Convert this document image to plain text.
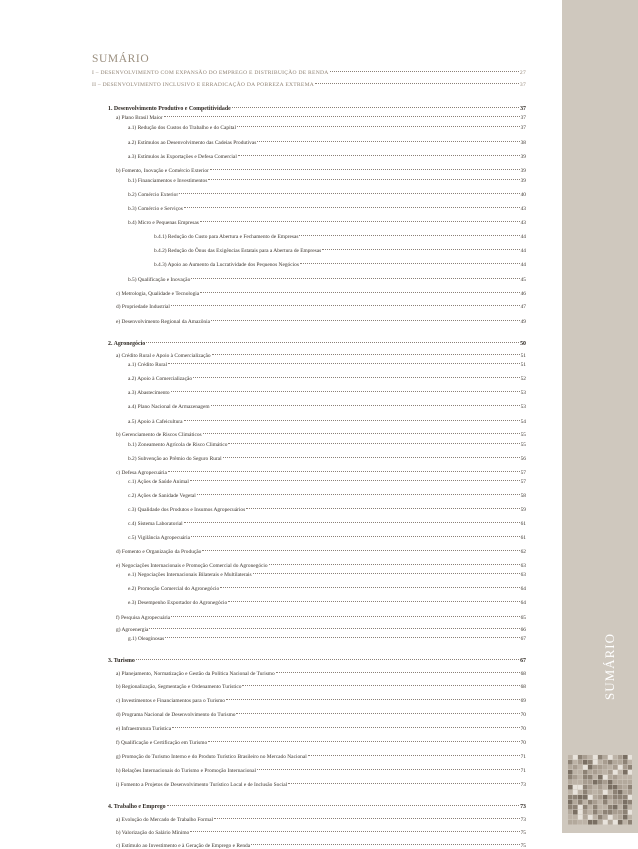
SUMÁRIO
I – DESENVOLVIMENTO COM EXPANSÃO DO EMPREGO E DISTRIBUIÇÃO DE RENDA	27
II – DESENVOLVIMENTO INCLUSIVO E ERRADICAÇÃO DA POBREZA EXTREMA	37
1. Desenvolvimento Produtivo e Competitividade	37
a) Plano Brasil Maior	37
a.1) Redução dos Custos do Trabalho e do Capital	37
a.2) Estímulos ao Desenvolvimento das Cadeias Produtivas	38
a.3) Estímulos às Exportações e Defesa Comercial	39
b) Fomento, Inovação e Comércio Exterior	39
b.1) Financiamentos e Investimentos	39
b.2) Comércio Exterior	40
b.3) Comércio e Serviços	43
b.4) Micro e Pequenas Empresas	43
b.4.1) Redução do Custo para Abertura e Fechamento de Empresas	44
b.4.2) Redução do Ônus das Exigências Estatais para a Abertura de Empresas	44
b.4.3) Apoio ao Aumento da Lucratividade dos Pequenos Negócios	44
b.5) Qualificação e Inovação	45
c) Metrologia, Qualidade e Tecnologia	46
d) Propriedade Industrial	47
e) Desenvolvimento Regional da Amazônia	49
2. Agronegócio	50
a) Crédito Rural e Apoio à Comercialização	51
a.1) Crédito Rural	51
a.2) Apoio à Comercialização	52
a.3) Abastecimento	53
a.4) Plano Nacional de Armazenagem	53
a.5) Apoio à Cafeicultura	54
b) Gerenciamento de Riscos Climáticos	55
b.1) Zoneamento Agrícola de Risco Climático	55
b.2) Subvenção ao Prêmio do Seguro Rural	56
c) Defesa Agropecuária	57
c.1) Ações de Saúde Animal	57
c.2) Ações de Sanidade Vegetal	58
c.3) Qualidade dos Produtos e Insumos Agropecuários	59
c.4) Sistema Laboratorial	61
c.5) Vigilância Agropecuária	61
d) Fomento e Organização da Produção	62
e) Negociações Internacionais e Promoção Comercial do Agronegócio	63
e.1) Negociações Internacionais Bilaterais e Multilaterais	63
e.2) Promoção Comercial do Agronegócio	64
e.3) Desempenho Exportador do Agronegócio	64
f) Pesquisa Agropecuária	65
g) Agroenergia	66
g.1) Oleaginosas	67
3. Turismo	67
a) Planejamento, Normatização e Gestão da Política Nacional de Turismo	68
b) Regionalização, Segmentação e Ordenamento Turístico	68
c) Investimentos e Financiamentos para o Turismo	69
d) Programa Nacional de Desenvolvimento do Turismo	70
e) Infraestrutura Turística	70
f) Qualificação e Certificação em Turismo	70
g) Promoção do Turismo Interno e do Produto Turístico Brasileiro no Mercado Nacional	71
h) Relações Internacionais do Turismo e Promoção Internacional	71
i) Fomento a Projetos de Desenvolvimento Turístico Local e de Inclusão Social	73
4. Trabalho e Emprego	73
a) Evolução do Mercado de Trabalho Formal	73
b) Valorização do Salário Mínimo	75
c) Estímulo ao Investimento e à Geração de Emprego e Renda	75
SUMÁRIO
